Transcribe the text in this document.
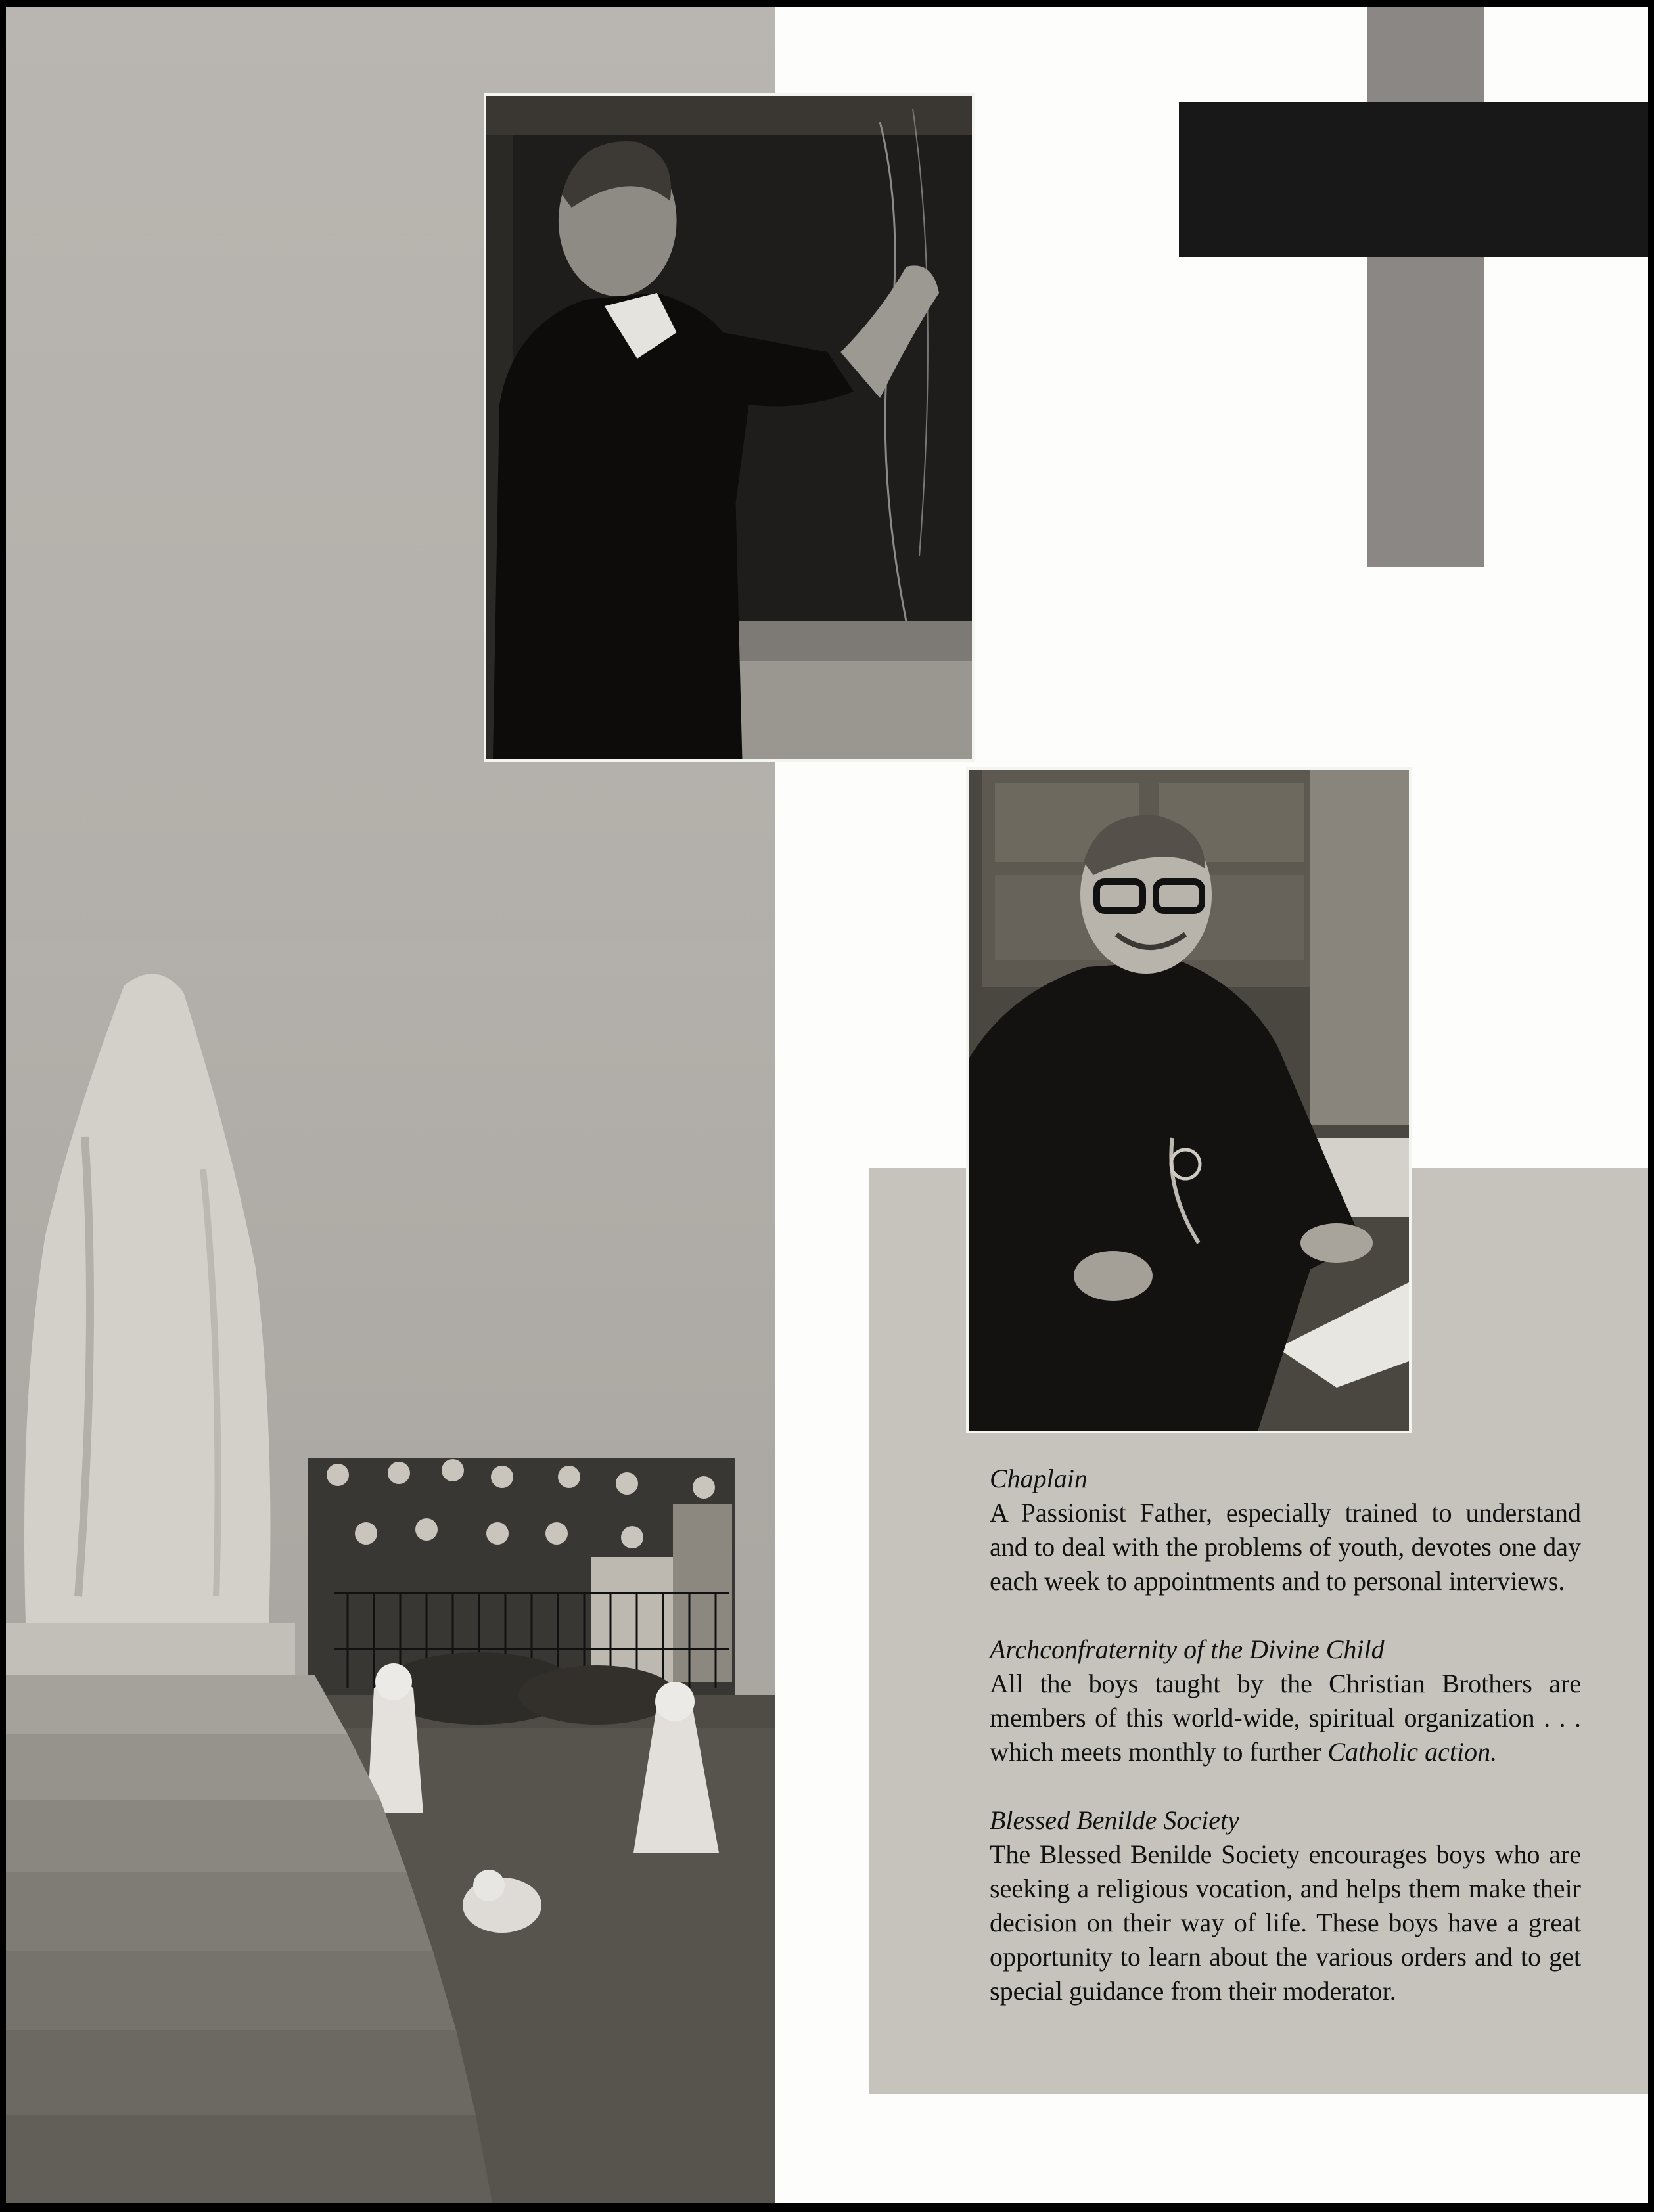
Chaplain
A Passionist Father, especially trained to understand and to deal with the problems of youth, devotes one day each week to appointments and to personal interviews.
Archconfraternity of the Divine Child
All the boys taught by the Christian Brothers are members of this world-wide, spiritual organization . . . which meets monthly to further Catholic action.
Blessed Benilde Society
The Blessed Benilde Society encourages boys who are seeking a religious vocation, and helps them make their decision on their way of life. These boys have a great opportunity to learn about the various orders and to get special guidance from their moderator.
